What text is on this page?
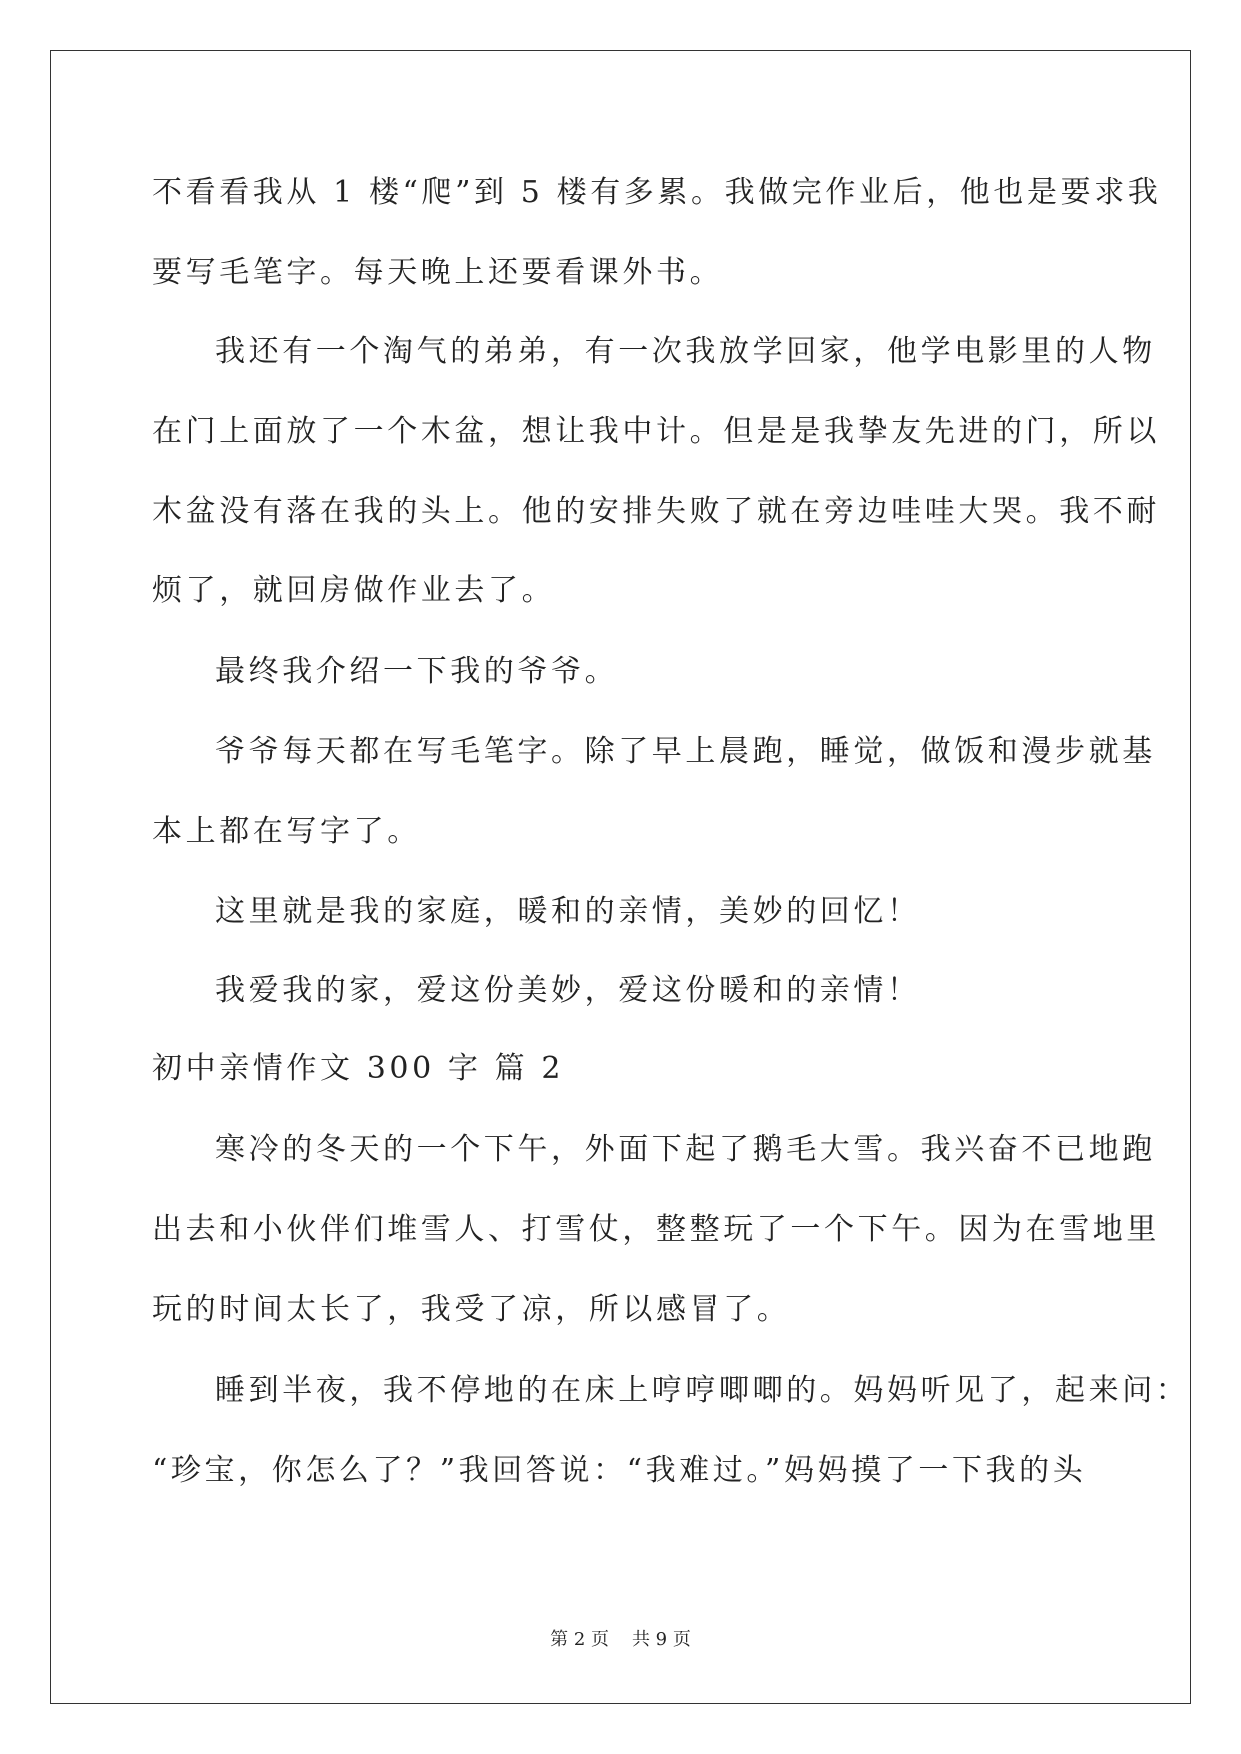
不看看我从 1 楼“爬”到 5 楼有多累。我做完作业后，他也是要求我
要写毛笔字。每天晚上还要看课外书。
我还有一个淘气的弟弟，有一次我放学回家，他学电影里的人物
在门上面放了一个木盆，想让我中计。但是是我挚友先进的门，所以
木盆没有落在我的头上。他的安排失败了就在旁边哇哇大哭。我不耐
烦了，就回房做作业去了。
最终我介绍一下我的爷爷。
爷爷每天都在写毛笔字。除了早上晨跑，睡觉，做饭和漫步就基
本上都在写字了。
这里就是我的家庭，暖和的亲情，美妙的回忆！
我爱我的家，爱这份美妙，爱这份暖和的亲情！
初中亲情作文 300 字 篇 2
寒冷的冬天的一个下午，外面下起了鹅毛大雪。我兴奋不已地跑
出去和小伙伴们堆雪人、打雪仗，整整玩了一个下午。因为在雪地里
玩的时间太长了，我受了凉，所以感冒了。
睡到半夜，我不停地的在床上哼哼唧唧的。妈妈听见了，起来问：
“珍宝，你怎么了？”我回答说：“我难过。”妈妈摸了一下我的头
第 2 页 共 9 页
